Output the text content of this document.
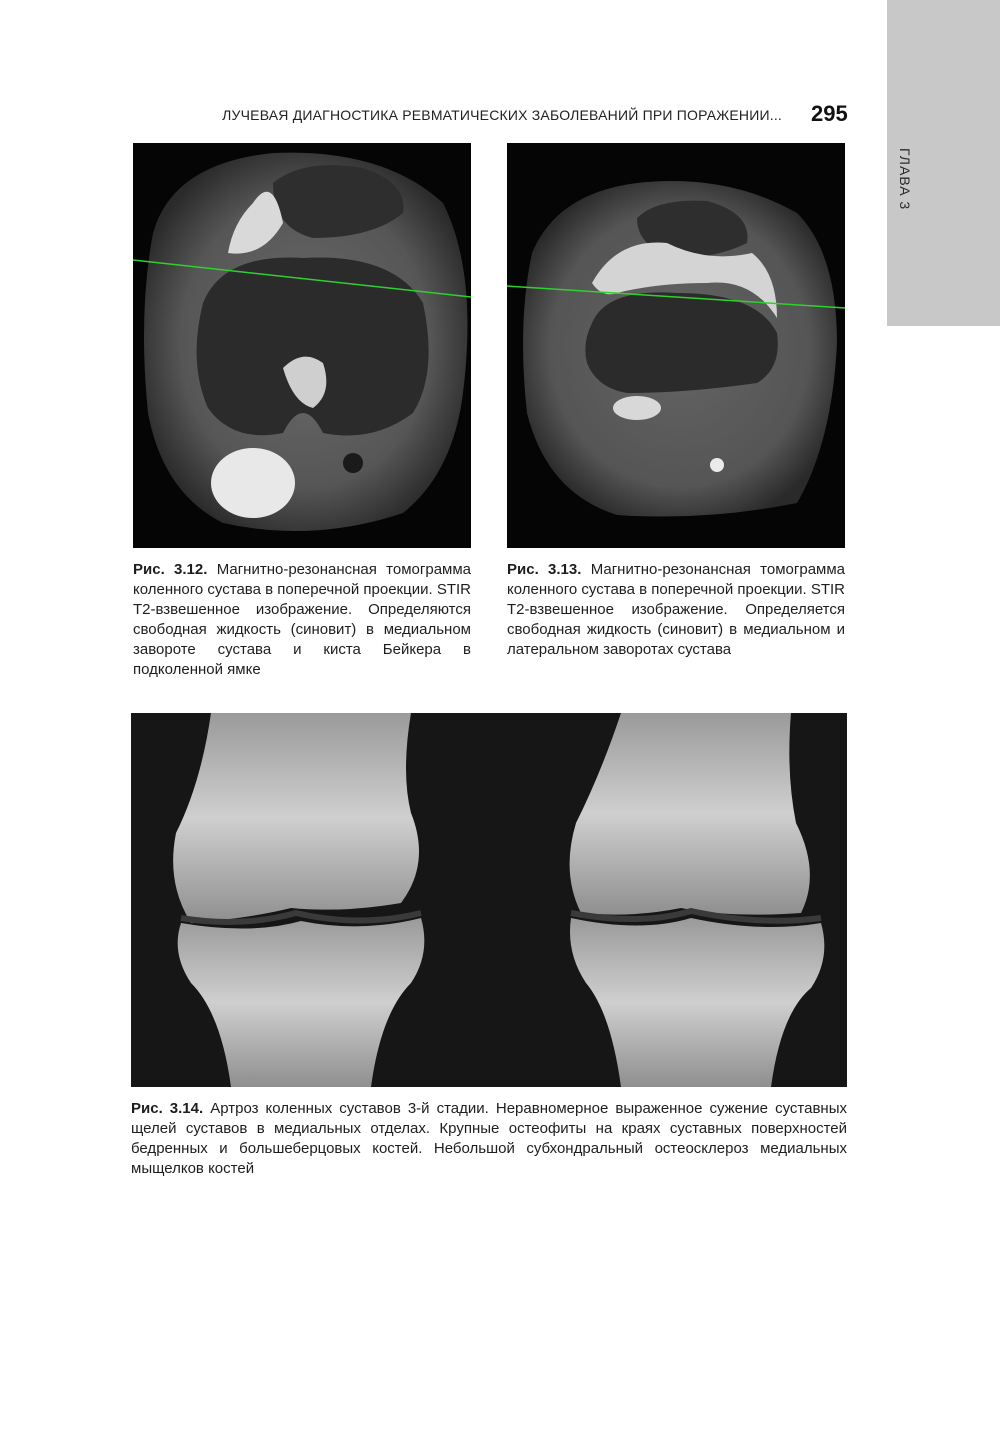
ГЛАВА 3
ЛУЧЕВАЯ ДИАГНОСТИКА РЕВМАТИЧЕСКИХ ЗАБОЛЕВАНИЙ ПРИ ПОРАЖЕНИИ... 295
Рис. 3.12. Магнитно-резонансная томограмма коленного сустава в поперечной проекции. STIR T2-взвешенное изображение. Определяются свободная жидкость (синовит) в медиальном завороте сустава и киста Бейкера в подколенной ямке
Рис. 3.13. Магнитно-резонансная томограмма коленного сустава в поперечной проекции. STIR T2-взвешенное изображение. Определяется свободная жидкость (синовит) в медиальном и латеральном заворотах сустава
Рис. 3.14. Артроз коленных суставов 3-й стадии. Неравномерное выраженное сужение суставных щелей суставов в медиальных отделах. Крупные остеофиты на краях суставных поверхностей бедренных и большеберцовых костей. Небольшой субхондральный остеосклероз медиальных мыщелков костей
